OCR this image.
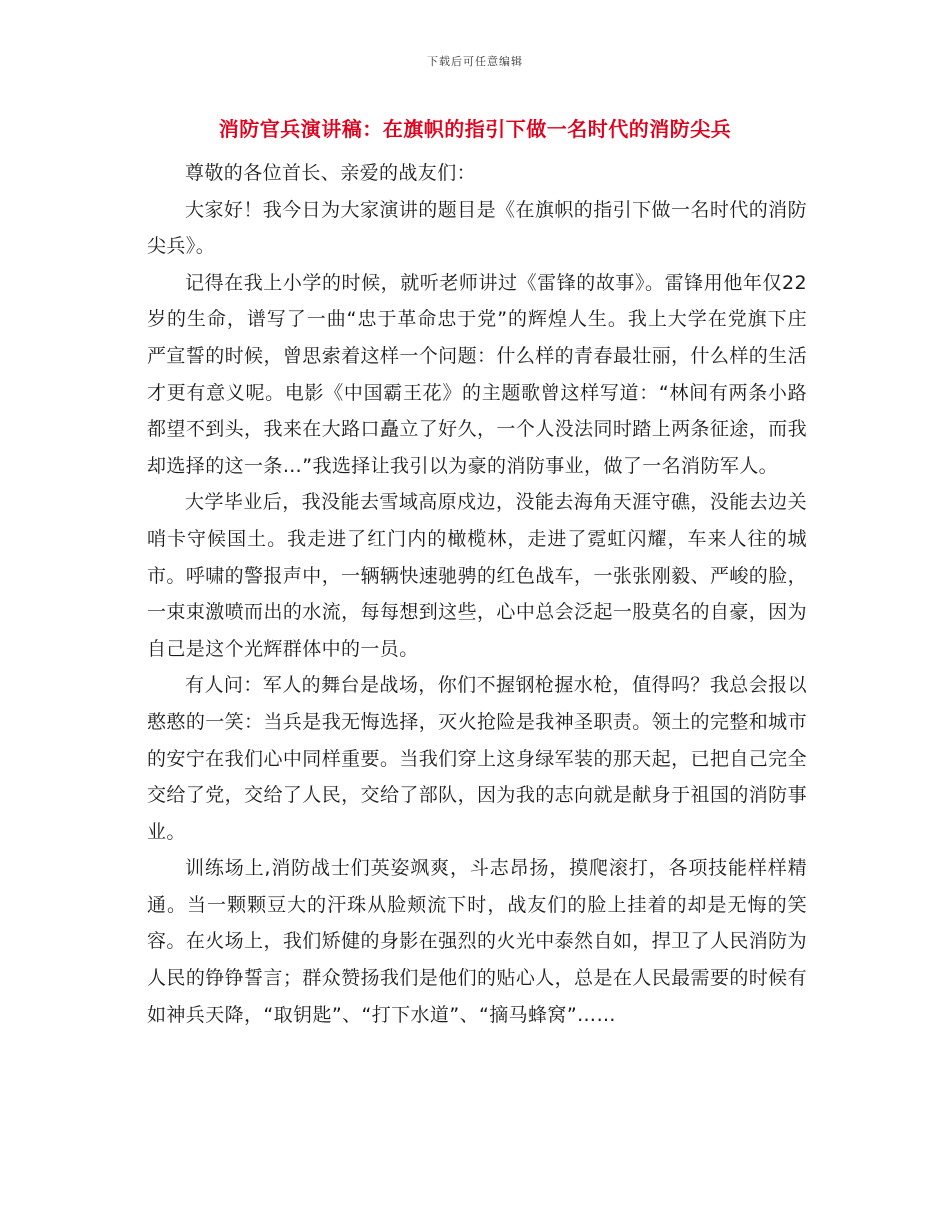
下载后可任意编辑
消防官兵演讲稿：在旗帜的指引下做一名时代的消防尖兵

尊敬的各位首长、亲爱的战友们：

大家好！我今日为大家演讲的题目是《在旗帜的指引下做一名时代的消防尖兵》。

记得在我上小学的时候，就听老师讲过《雷锋的故事》。雷锋用他年仅22岁的生命，谱写了一曲“忠于革命忠于党”的辉煌人生。我上大学在党旗下庄严宣誓的时候，曾思索着这样一个问题：什么样的青春最壮丽，什么样的生活才更有意义呢。电影《中国霸王花》的主题歌曾这样写道：“林间有两条小路都望不到头，我来在大路口矗立了好久，一个人没法同时踏上两条征途，而我却选择的这一条…”我选择让我引以为豪的消防事业，做了一名消防军人。

大学毕业后，我没能去雪域高原戍边，没能去海角天涯守礁，没能去边关哨卡守候国土。我走进了红门内的橄榄林，走进了霓虹闪耀，车来人往的城市。呼啸的警报声中，一辆辆快速驰骋的红色战车，一张张刚毅、严峻的脸，一束束激喷而出的水流，每每想到这些，心中总会泛起一股莫名的自豪，因为自己是这个光辉群体中的一员。

有人问：军人的舞台是战场，你们不握钢枪握水枪，值得吗？我总会报以憨憨的一笑：当兵是我无悔选择，灭火抢险是我神圣职责。领土的完整和城市的安宁在我们心中同样重要。当我们穿上这身绿军装的那天起，已把自己完全交给了党，交给了人民，交给了部队，因为我的志向就是献身于祖国的消防事业。

训练场上,消防战士们英姿飒爽，斗志昂扬，摸爬滚打，各项技能样样精通。当一颗颗豆大的汗珠从脸颊流下时，战友们的脸上挂着的却是无悔的笑容。在火场上，我们矫健的身影在强烈的火光中泰然自如，捍卫了人民消防为人民的铮铮誓言；群众赞扬我们是他们的贴心人，总是在人民最需要的时候有如神兵天降，“取钥匙”、“打下水道”、“摘马蜂窝”……
